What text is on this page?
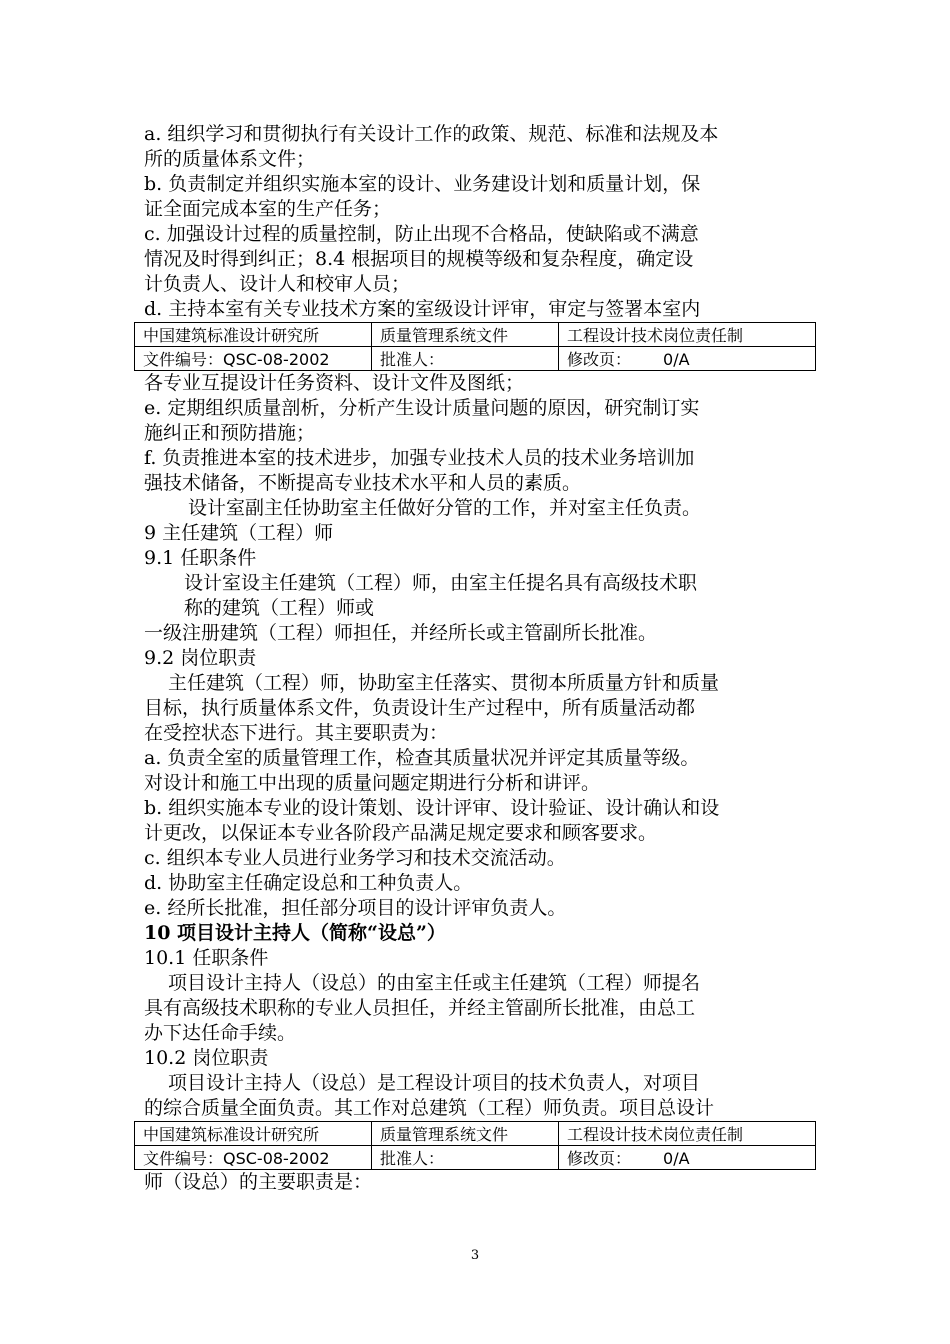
a. 组织学习和贯彻执行有关设计工作的政策、规范、标准和法规及本
所的质量体系文件；
b. 负责制定并组织实施本室的设计、业务建设计划和质量计划，保
证全面完成本室的生产任务；
c. 加强设计过程的质量控制，防止出现不合格品，使缺陷或不满意
情况及时得到纠正；8.4 根据项目的规模等级和复杂程度，确定设
计负责人、设计人和校审人员；
d. 主持本室有关专业技术方案的室级设计评审，审定与签署本室内
中国建筑标准设计研究所	质量管理系统文件	工程设计技术岗位责任制
文件编号：QSC-08-2002	批准人：	修改页： 0/A
各专业互提设计任务资料、设计文件及图纸；
e. 定期组织质量剖析，分析产生设计质量问题的原因，研究制订实
施纠正和预防措施；
f. 负责推进本室的技术进步，加强专业技术人员的技术业务培训加
强技术储备，不断提高专业技术水平和人员的素质。
设计室副主任协助室主任做好分管的工作，并对室主任负责。
9 主任建筑（工程）师
9.1 任职条件
设计室设主任建筑（工程）师，由室主任提名具有高级技术职
称的建筑（工程）师或
一级注册建筑（工程）师担任，并经所长或主管副所长批准。
9.2 岗位职责
主任建筑（工程）师，协助室主任落实、贯彻本所质量方针和质量
目标，执行质量体系文件，负责设计生产过程中，所有质量活动都
在受控状态下进行。其主要职责为：
a. 负责全室的质量管理工作，检查其质量状况并评定其质量等级。
对设计和施工中出现的质量问题定期进行分析和讲评。
b. 组织实施本专业的设计策划、设计评审、设计验证、设计确认和设
计更改，以保证本专业各阶段产品满足规定要求和顾客要求。
c. 组织本专业人员进行业务学习和技术交流活动。
d. 协助室主任确定设总和工种负责人。
e. 经所长批准，担任部分项目的设计评审负责人。
10 项目设计主持人（简称“设总”）
10.1 任职条件
项目设计主持人（设总）的由室主任或主任建筑（工程）师提名
具有高级技术职称的专业人员担任，并经主管副所长批准，由总工
办下达任命手续。
10.2 岗位职责
项目设计主持人（设总）是工程设计项目的技术负责人，对项目
的综合质量全面负责。其工作对总建筑（工程）师负责。项目总设计
中国建筑标准设计研究所	质量管理系统文件	工程设计技术岗位责任制
文件编号：QSC-08-2002	批准人：	修改页： 0/A
师（设总）的主要职责是：
3
